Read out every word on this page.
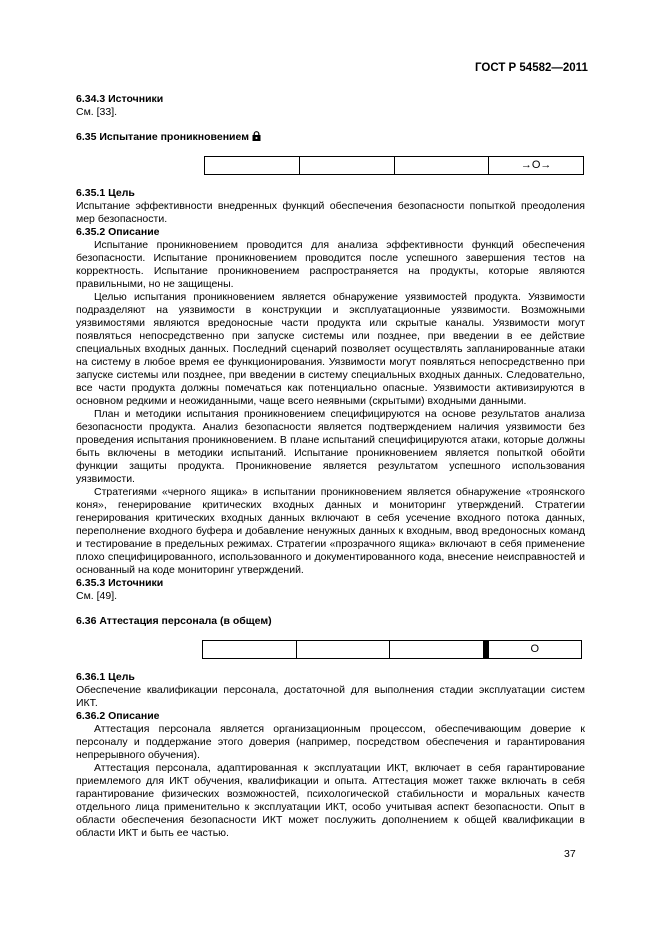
ГОСТ Р 54582—2011

6.34.3 Источники

См. [33].

6.35 Испытание проникновением

→O→

6.35.1 Цель

Испытание эффективности внедренных функций обеспечения безопасности попыткой преодоления мер безопасности.

6.35.2 Описание

Испытание проникновением проводится для анализа эффективности функций обеспечения безопасности. Испытание проникновением проводится после успешного завершения тестов на корректность. Испытание проникновением распространяется на продукты, которые являются правильными, но не защищены.

Целью испытания проникновением является обнаружение уязвимостей продукта. Уязвимости подразделяют на уязвимости в конструкции и эксплуатационные уязвимости. Возможными уязвимостями являются вредоносные части продукта или скрытые каналы. Уязвимости могут появляться непосредственно при запуске системы или позднее, при введении в ее действие специальных входных данных. Последний сценарий позволяет осуществлять запланированные атаки на систему в любое время ее функционирования. Уязвимости могут появляться непосредственно при запуске системы или позднее, при введении в систему специальных входных данных. Следовательно, все части продукта должны помечаться как потенциально опасные. Уязвимости активизируются в основном редкими и неожиданными, чаще всего неявными (скрытыми) входными данными.

План и методики испытания проникновением специфицируются на основе результатов анализа безопасности продукта. Анализ безопасности является подтверждением наличия уязвимости без проведения испытания проникновением. В плане испытаний специфицируются атаки, которые должны быть включены в методики испытаний. Испытание проникновением является попыткой обойти функции защиты продукта. Проникновение является результатом успешного использования уязвимости.

Стратегиями «черного ящика» в испытании проникновением является обнаружение «троянского коня», генерирование критических входных данных и мониторинг утверждений. Стратегии генерирования критических входных данных включают в себя усечение входного потока данных, переполнение входного буфера и добавление ненужных данных к входным, ввод вредоносных команд и тестирование в предельных режимах. Стратегии «прозрачного ящика» включают в себя применение плохо специфицированного, использованного и документированного кода, внесение неисправностей и основанный на коде мониторинг утверждений.

6.35.3 Источники

См. [49].

6.36 Аттестация персонала (в общем)

O

6.36.1 Цель

Обеспечение квалификации персонала, достаточной для выполнения стадии эксплуатации систем ИКТ.

6.36.2 Описание

Аттестация персонала является организационным процессом, обеспечивающим доверие к персоналу и поддержание этого доверия (например, посредством обеспечения и гарантирования непрерывного обучения).

Аттестация персонала, адаптированная к эксплуатации ИКТ, включает в себя гарантирование приемлемого для ИКТ обучения, квалификации и опыта. Аттестация может также включать в себя гарантирование физических возможностей, психологической стабильности и моральных качеств отдельного лица применительно к эксплуатации ИКТ, особо учитывая аспект безопасности. Опыт в области обеспечения безопасности ИКТ может послужить дополнением к общей квалификации в области ИКТ и быть ее частью.

37
